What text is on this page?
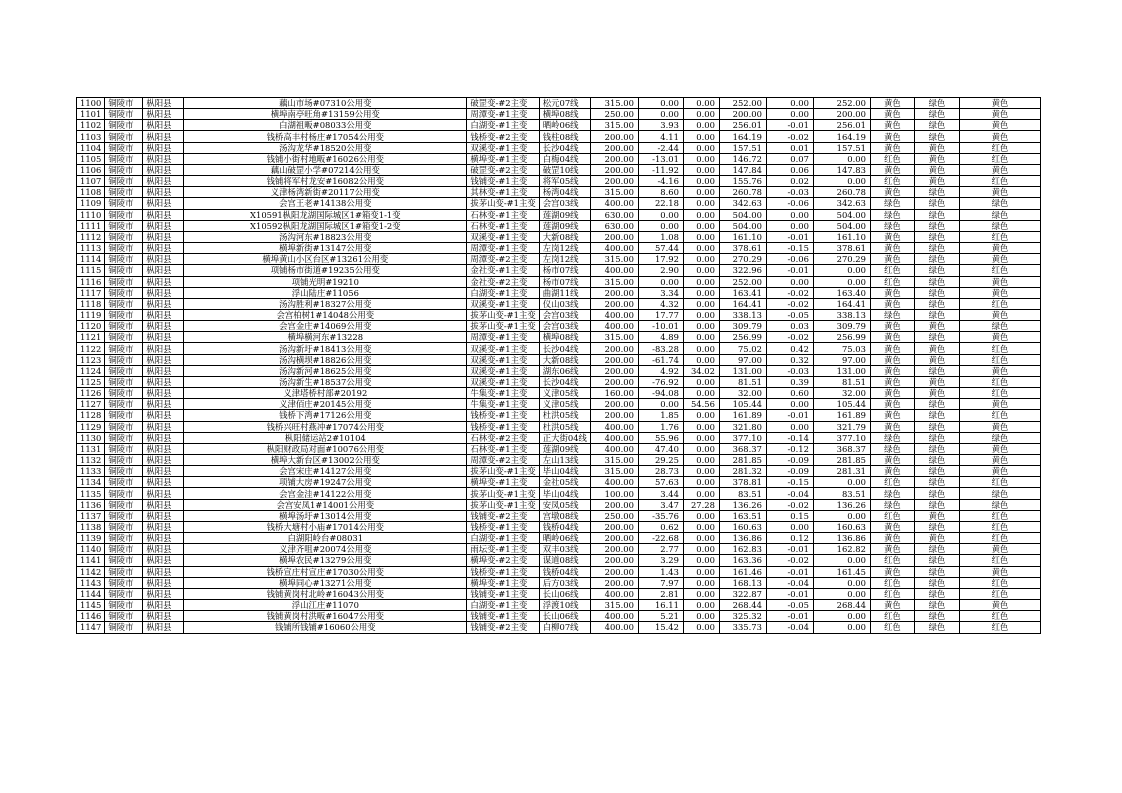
1100	铜陵市	枞阳县	藕山市场#07310公用变	破罡变-#2主变	松元07线	315.00	0.00	0.00	252.00	0.00	252.00	黄色	绿色	黄色
1101	铜陵市	枞阳县	横埠南亭旺角#13159公用变	周潭变-#1主变	横埠08线	250.00	0.00	0.00	200.00	0.00	200.00	黄色	绿色	黄色
1102	铜陵市	枞阳县	白湖祖畈#08033公用变	白湖变-#1主变	晒岭06线	315.00	3.93	0.00	256.01	-0.01	256.01	黄色	绿色	黄色
1103	铜陵市	枞阳县	钱桥高丰村杨庄#17054公用变	钱桥变-#2主变	钱柱08线	200.00	4.11	0.00	164.19	-0.02	164.19	黄色	绿色	黄色
1104	铜陵市	枞阳县	汤沟龙华#18520公用变	双溪变-#1主变	长沙04线	200.00	-2.44	0.00	157.51	0.01	157.51	黄色	黄色	红色
1105	铜陵市	枞阳县	钱铺小街村地畈#16026公用变	横埠变-#1主变	白梅04线	200.00	-13.01	0.00	146.72	0.07	0.00	红色	黄色	红色
1106	铜陵市	枞阳县	藕山破罡小学#07214公用变	破罡变-#2主变	破罡10线	200.00	-11.92	0.00	147.84	0.06	147.83	黄色	黄色	黄色
1107	铜陵市	枞阳县	钱铺将军村龙安#16082公用变	钱铺变-#1主变	将军05线	200.00	-4.16	0.00	155.76	0.02	0.00	红色	黄色	红色
1108	铜陵市	枞阳县	义津杨湾新街#20117公用变	其林变-#1主变	杨湾04线	315.00	8.60	0.00	260.78	-0.03	260.78	黄色	绿色	黄色
1109	铜陵市	枞阳县	会宫王老#14138公用变	拔茅山变-#1主变	会宫03线	400.00	22.18	0.00	342.63	-0.06	342.63	绿色	绿色	绿色
1110	铜陵市	枞阳县	X10591枞阳龙湖国际城区1#箱变1-1变	石林变-#1主变	莲湖09线	630.00	0.00	0.00	504.00	0.00	504.00	绿色	绿色	绿色
1111	铜陵市	枞阳县	X10592枞阳龙湖国际城区1#箱变1-2变	石林变-#1主变	莲湖09线	630.00	0.00	0.00	504.00	0.00	504.00	绿色	绿色	绿色
1112	铜陵市	枞阳县	汤沟河东#18823公用变	双溪变-#1主变	大新08线	200.00	1.08	0.00	161.10	-0.01	161.10	黄色	绿色	红色
1113	铜陵市	枞阳县	横埠新街#13147公用变	周潭变-#1主变	左岗12线	400.00	57.44	0.00	378.61	-0.15	378.61	黄色	绿色	黄色
1114	铜陵市	枞阳县	横埠黄山小区台区#13261公用变	周潭变-#2主变	左岗12线	315.00	17.92	0.00	270.29	-0.06	270.29	黄色	绿色	黄色
1115	铜陵市	枞阳县	项铺杨市街道#19235公用变	金社变-#1主变	杨市07线	400.00	2.90	0.00	322.96	-0.01	0.00	红色	绿色	红色
1116	铜陵市	枞阳县	项铺光明#19210	金社变-#2主变	杨市07线	315.00	0.00	0.00	252.00	0.00	0.00	红色	绿色	黄色
1117	铜陵市	枞阳县	浮山陆庄#11056	白湖变-#1主变	曲湖11线	200.00	3.34	0.00	163.41	-0.02	163.40	黄色	绿色	黄色
1118	铜陵市	枞阳县	汤沟胜利#18327公用变	双溪变-#1主变	仪山03线	200.00	4.32	0.00	164.41	-0.02	164.41	黄色	绿色	红色
1119	铜陵市	枞阳县	会宫柏树1#14048公用变	拔茅山变-#1主变	会宫03线	400.00	17.77	0.00	338.13	-0.05	338.13	绿色	绿色	黄色
1120	铜陵市	枞阳县	会宫金庄#14069公用变	拔茅山变-#1主变	会宫03线	400.00	-10.01	0.00	309.79	0.03	309.79	黄色	黄色	绿色
1121	铜陵市	枞阳县	横埠横河东#13228	周潭变-#1主变	横埠08线	315.00	4.89	0.00	256.99	-0.02	256.99	黄色	绿色	黄色
1122	铜陵市	枞阳县	汤沟新圩#18413公用变	双溪变-#1主变	长沙04线	200.00	-83.28	0.00	75.02	0.42	75.03	黄色	黄色	红色
1123	铜陵市	枞阳县	汤沟横坝#18826公用变	双溪变-#1主变	大新08线	200.00	-61.74	0.00	97.00	0.32	97.00	黄色	黄色	红色
1124	铜陵市	枞阳县	汤沟新河#18625公用变	双溪变-#1主变	湖东06线	200.00	4.92	34.02	131.00	-0.03	131.00	黄色	绿色	黄色
1125	铜陵市	枞阳县	汤沟新生#18537公用变	双溪变-#1主变	长沙04线	200.00	-76.92	0.00	81.51	0.39	81.51	黄色	黄色	红色
1126	铜陵市	枞阳县	义津塔桥村部#20192	牛集变-#1主变	义津05线	160.00	-94.08	0.00	32.00	0.60	32.00	黄色	黄色	红色
1127	铜陵市	枞阳县	义津佰庄#20145公用变	牛集变-#1主变	义津05线	200.00	0.00	54.56	105.44	0.00	105.44	黄色	绿色	黄色
1128	铜陵市	枞阳县	钱桥下湾#17126公用变	钱桥变-#1主变	杜洪05线	200.00	1.85	0.00	161.89	-0.01	161.89	黄色	绿色	红色
1129	铜陵市	枞阳县	钱桥兴旺村燕冲#17074公用变	钱桥变-#1主变	杜洪05线	400.00	1.76	0.00	321.80	0.00	321.79	黄色	绿色	黄色
1130	铜陵市	枞阳县	枞阳储运站2#10104	石林变-#2主变	正大街04线	400.00	55.96	0.00	377.10	-0.14	377.10	绿色	绿色	绿色
1131	铜陵市	枞阳县	枞阳财政局对面#10076公用变	石林变-#1主变	莲湖09线	400.00	47.40	0.00	368.37	-0.12	368.37	绿色	绿色	黄色
1132	铜陵市	枞阳县	横埠大新台区#13002公用变	周潭变-#2主变	左山13线	315.00	29.25	0.00	281.85	-0.09	281.85	黄色	绿色	黄色
1133	铜陵市	枞阳县	会宫宋庄#14127公用变	拔茅山变-#1主变	毕山04线	315.00	28.73	0.00	281.32	-0.09	281.31	黄色	绿色	黄色
1134	铜陵市	枞阳县	项铺大房#19247公用变	横埠变-#1主变	金社05线	400.00	57.63	0.00	378.81	-0.15	0.00	红色	绿色	红色
1135	铜陵市	枞阳县	会宫金洼#14122公用变	拔茅山变-#1主变	毕山04线	100.00	3.44	0.00	83.51	-0.04	83.51	绿色	绿色	绿色
1136	铜陵市	枞阳县	会宫安凤1#14001公用变	拔茅山变-#1主变	安凤05线	200.00	3.47	27.28	136.26	-0.02	136.26	绿色	绿色	绿色
1137	铜陵市	枞阳县	横埠汤圩#13014公用变	钱铺变-#2主变	宫墩08线	250.00	-35.76	0.00	163.51	0.15	0.00	红色	黄色	红色
1138	铜陵市	枞阳县	钱桥大塘村小庙#17014公用变	钱桥变-#1主变	钱桥04线	200.00	0.62	0.00	160.63	0.00	160.63	黄色	绿色	红色
1139	铜陵市	枞阳县	白湖阳岭台#08031	白湖变-#1主变	晒岭06线	200.00	-22.68	0.00	136.86	0.12	136.86	黄色	黄色	红色
1140	铜陵市	枞阳县	义津齐咀#20074公用变	雨坛变-#1主变	双丰03线	200.00	2.77	0.00	162.83	-0.01	162.82	黄色	绿色	黄色
1141	铜陵市	枞阳县	横埠农民#13279公用变	横埠变-#2主变	谋道08线	200.00	3.29	0.00	163.36	-0.02	0.00	红色	绿色	红色
1142	铜陵市	枞阳县	钱桥宣庄村宣庄#17030公用变	钱桥变-#1主变	钱桥04线	200.00	1.43	0.00	161.46	-0.01	161.45	黄色	绿色	黄色
1143	铜陵市	枞阳县	横埠同心#13271公用变	横埠变-#1主变	后方03线	200.00	7.97	0.00	168.13	-0.04	0.00	红色	绿色	红色
1144	铜陵市	枞阳县	钱铺黄岗村北岭#16043公用变	钱铺变-#1主变	长山06线	400.00	2.81	0.00	322.87	-0.01	0.00	红色	绿色	红色
1145	铜陵市	枞阳县	浮山江庄#11070	白湖变-#1主变	浮渡10线	315.00	16.11	0.00	268.44	-0.05	268.44	黄色	绿色	黄色
1146	铜陵市	枞阳县	钱铺黄岗村洪畈#16047公用变	钱铺变-#1主变	长山06线	400.00	5.21	0.00	325.32	-0.01	0.00	红色	绿色	红色
1147	铜陵市	枞阳县	钱铺所钱铺#16060公用变	钱铺变-#2主变	白柳07线	400.00	15.42	0.00	335.73	-0.04	0.00	红色	绿色	红色
